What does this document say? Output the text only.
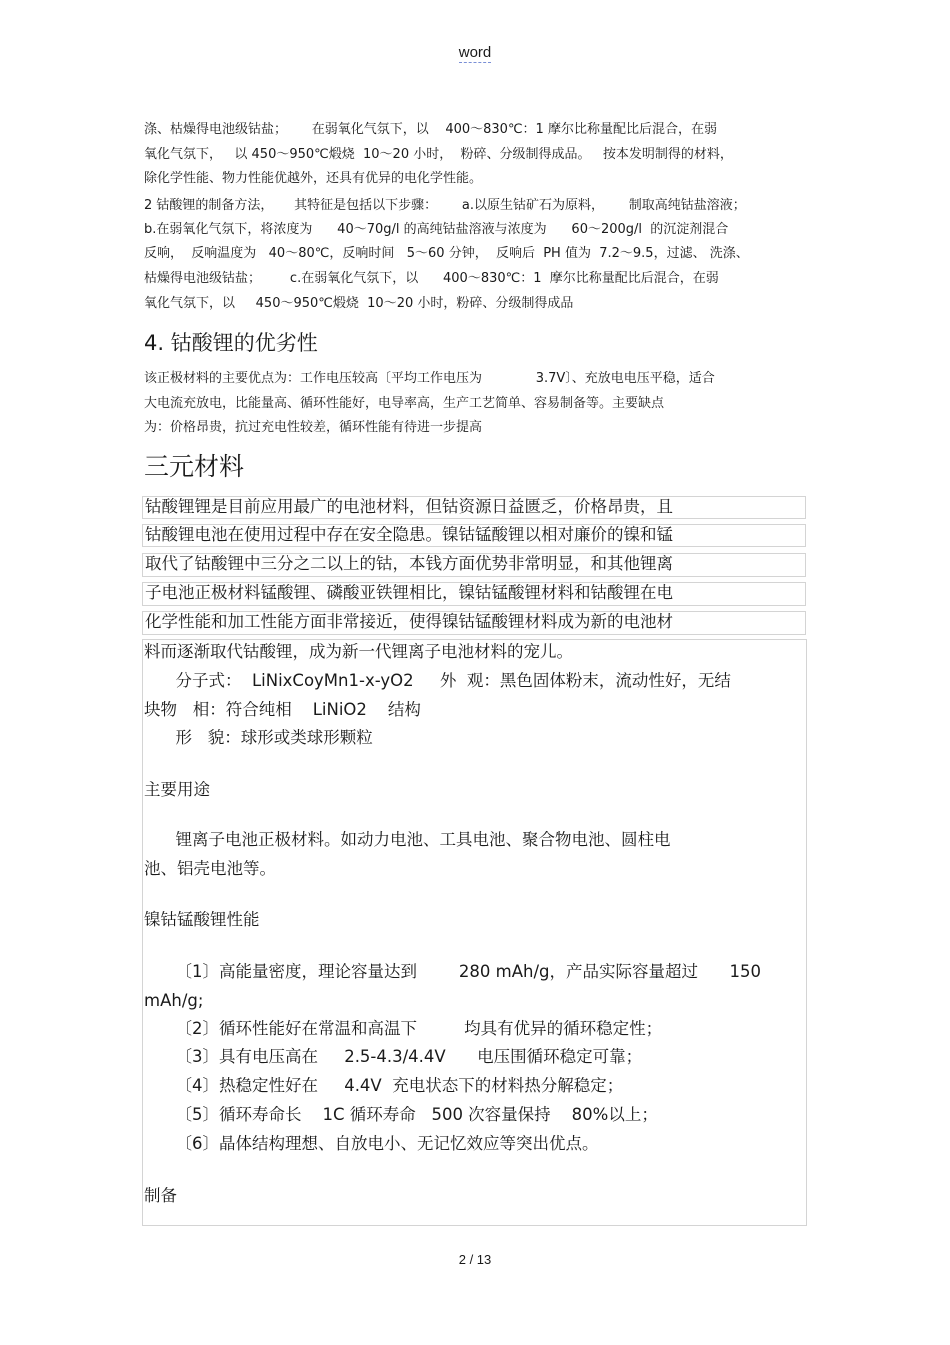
word
涤、枯燥得电池级钴盐；      在弱氧化气氛下，以    400～830℃：1 摩尔比称量配比后混合，在弱
氧化气氛下，   以 450～950℃煅烧  10～20 小时，  粉碎、分级制得成品。   按本发明制得的材料，
除化学性能、物力性能优越外，还具有优异的电化学性能。
2 钴酸锂的制备方法，     其特征是包括以下步骤：      a.以原生钴矿石为原料，      制取高纯钴盐溶液；
b.在弱氧化气氛下，将浓度为      40～70g/l 的高纯钴盐溶液与浓度为      60～200g/l  的沉淀剂混合
反响，  反响温度为   40～80℃，反响时间   5～60 分钟，  反响后  PH 值为  7.2～9.5，过滤、 洗涤、
枯燥得电池级钴盐；       c.在弱氧化气氛下，以      400～830℃：1  摩尔比称量配比后混合，在弱
氧化气氛下，以     450～950℃煅烧  10～20 小时，粉碎、分级制得成品
4. 钴酸锂的优劣性
该正极材料的主要优点为：工作电压较高〔平均工作电压为             3.7V〕、充放电电压平稳，适合
大电流充放电，比能量高、循环性能好，电导率高，生产工艺简单、容易制备等。主要缺点
为：价格昂贵，抗过充电性较差，循环性能有待进一步提高
三元材料
钴酸锂锂是目前应用最广的电池材料，但钴资源日益匮乏，价格昂贵，且
钴酸锂电池在使用过程中存在安全隐患。镍钴锰酸锂以相对廉价的镍和锰
取代了钴酸锂中三分之二以上的钴，本钱方面优势非常明显，和其他锂离
子电池正极材料锰酸锂、磷酸亚铁锂相比，镍钴锰酸锂材料和钴酸锂在电
化学性能和加工性能方面非常接近，使得镍钴锰酸锂材料成为新的电池材
料而逐渐取代钴酸锂，成为新一代锂离子电池材料的宠儿。
分子式：  LiNixCoyMn1-x-yO2     外  观：黑色固体粉末，流动性好，无结
块物   相：符合纯相    LiNiO2    结构
形   貌：球形或类球形颗粒
主要用途
锂离子电池正极材料。如动力电池、工具电池、聚合物电池、圆柱电
池、铝壳电池等。
镍钴锰酸锂性能
〔1〕高能量密度，理论容量达到        280 mAh/g，产品实际容量超过      150
mAh/g;
〔2〕循环性能好在常温和高温下         均具有优异的循环稳定性；
〔3〕具有电压高在     2.5-4.3/4.4V      电压围循环稳定可靠；
〔4〕热稳定性好在     4.4V  充电状态下的材料热分解稳定；
〔5〕循环寿命长    1C 循环寿命   500 次容量保持    80%以上；
〔6〕晶体结构理想、自放电小、无记忆效应等突出优点。
制备
2 / 13
